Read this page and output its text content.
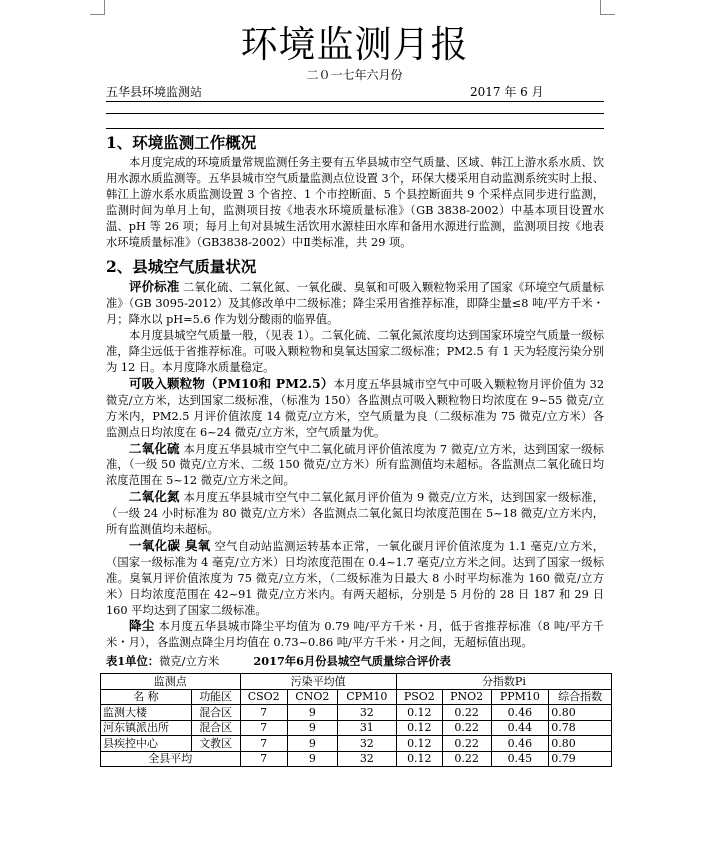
环境监测月报
二０一七年六月份
五华县环境监测站	2017 年 6 月
1、环境监测工作概况

本月度完成的环境质量常规监测任务主要有五华县城市空气质量、区域、韩江上游水系水质、饮用水源水质监测等。五华县城市空气质量监测点位设置 3个，环保大楼采用自动监测系统实时上报、韩江上游水系水质监测设置 3 个省控、1 个市控断面、5 个县控断面共 9 个采样点同步进行监测，监测时间为单月上旬，监测项目按《地表水环境质量标准》（GB 3838-2002）中基本项目设置水温、pH 等 26 项；每月上旬对县城生活饮用水源桂田水库和备用水源进行监测，监测项目按《地表水环境质量标准》（GB3838-2002）中Ⅱ类标准，共 29 项。

2、县城空气质量状况

评价标准 二氧化硫、二氧化氮、一氧化碳、臭氧和可吸入颗粒物采用了国家《环境空气质量标准》（GB 3095-2012）及其修改单中二级标准；降尘采用省推荐标准，即降尘量≤8 吨/平方千米・月；降水以 pH=5.6 作为划分酸雨的临界值。

本月度县城空气质量一般，（见表 1）。二氧化硫、二氧化氮浓度均达到国家环境空气质量一级标准，降尘远低于省推荐标准。可吸入颗粒物和臭氧达国家二级标准；PM2.5 有 1 天为轻度污染分别为 12 日。本月度降水质量稳定。

可吸入颗粒物（PM10和 PM2.5）本月度五华县城市空气中可吸入颗粒物月评价值为 32 微克/立方米，达到国家二级标准，（标准为 150）各监测点可吸入颗粒物日均浓度在 9~55 微克/立方米内，PM2.5 月评价值浓度 14 微克/立方米，空气质量为良（二级标准为 75 微克/立方米）各监测点日均浓度在 6~24 微克/立方米，空气质量为优。

二氧化硫 本月度五华县城市空气中二氧化硫月评价值浓度为 7 微克/立方米，达到国家一级标准，（一级 50 微克/立方米、二级 150 微克/立方米）所有监测值均未超标。各监测点二氧化硫日均浓度范围在 5~12 微克/立方米之间。

二氧化氮 本月度五华县城市空气中二氧化氮月评价值为 9 微克/立方米，达到国家一级标准，（一级 24 小时标准为 80 微克/立方米）各监测点二氧化氮日均浓度范围在 5~18 微克/立方米内，所有监测值均未超标。

一氧化碳 臭氧 空气自动站监测运转基本正常，一氧化碳月评价值浓度为 1.1 毫克/立方米，（国家一级标准为 4 毫克/立方米）日均浓度范围在 0.4~1.7 毫克/立方米之间。达到了国家一级标准。臭氧月评价值浓度为 75 微克/立方米，（二级标准为日最大 8 小时平均标准为 160 微克/立方米）日均浓度范围在 42~91 微克/立方米内。有两天超标，分别是 5 月份的 28 日 187 和 29 日 160 平均达到了国家二级标准。

降尘 本月度五华县城市降尘平均值为 0.79 吨/平方千米・月，低于省推荐标准（8 吨/平方千米・月），各监测点降尘月均值在 0.73~0.86 吨/平方千米・月之间，无超标值出现。

表1单位：微克/立方米	2017年6月份县城空气质量综合评价表
监测点		污染平均值			分指数Pi			
名 称	功能区	CSO2	CNO2	CPM10	PSO2	PNO2	PPM10	综合指数
监测大楼	混合区	7	9	32	0.12	0.22	0.46	0.80
河东镇派出所	混合区	7	9	31	0.12	0.22	0.44	0.78
县疾控中心	文教区	7	9	32	0.12	0.22	0.46	0.80
全县平均		7	9	32	0.12	0.22	0.45	0.79
